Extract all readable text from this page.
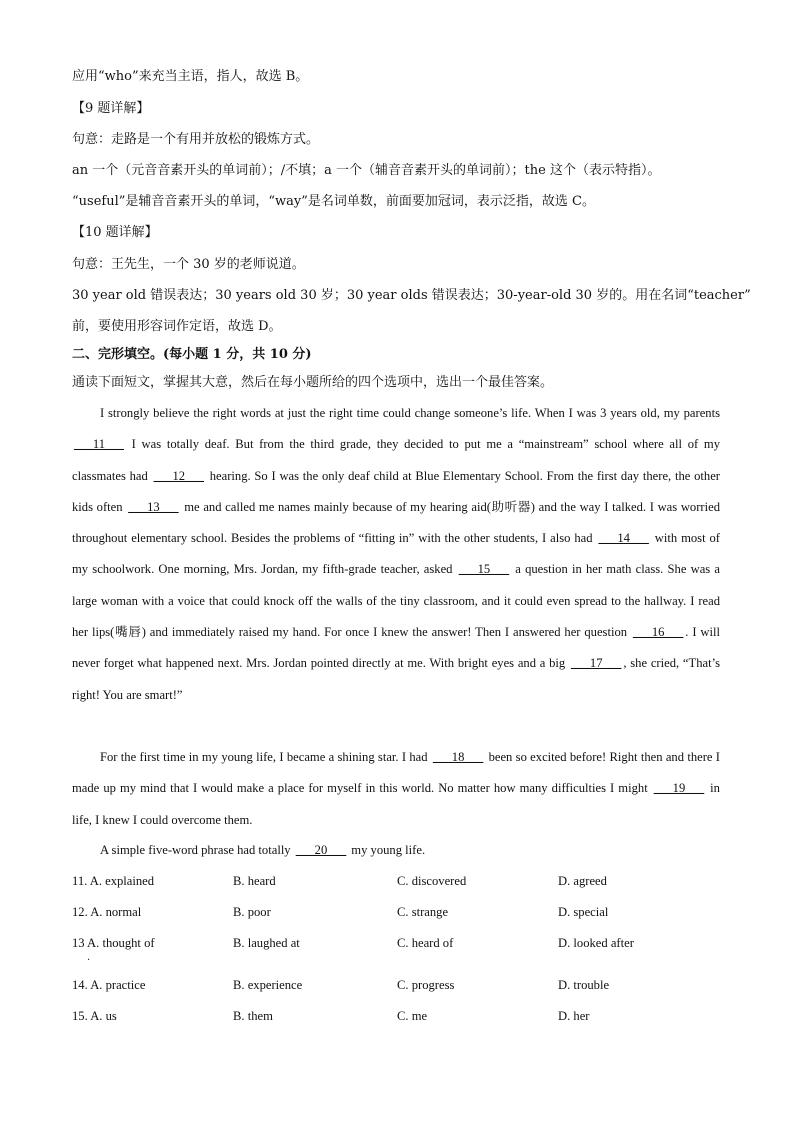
应用“who”来充当主语，指人，故选 B。
【9 题详解】
句意：走路是一个有用并放松的锻炼方式。
an 一个（元音音素开头的单词前）；/不填；a 一个（辅音音素开头的单词前）；the 这个（表示特指）。
“useful”是辅音音素开头的单词，“way”是名词单数，前面要加冠词，表示泛指，故选 C。
【10 题详解】
句意：王先生，一个 30 岁的老师说道。
30 year old 错误表达；30 years old 30 岁；30 year olds 错误表达；30-year-old 30 岁的。用在名词“teacher”
前，要使用形容词作定语，故选 D。
二、完形填空。(每小题 1 分，共 10 分)
通读下面短文，掌握其大意，然后在每小题所给的四个选项中，选出一个最佳答案。
I strongly believe the right words at just the right time could change someone’s life. When I was 3 years old, my parents ___11___ I was totally deaf. But from the third grade, they decided to put me a “mainstream” school where all of my classmates had ___12___ hearing. So I was the only deaf child at Blue Elementary School. From the first day there, the other kids often ___13___ me and called me names mainly because of my hearing aid(助听器) and the way I talked. I was worried throughout elementary school. Besides the problems of “fitting in” with the other students, I also had ___14___ with most of my schoolwork. One morning, Mrs. Jordan, my fifth-grade teacher, asked ___15___ a question in her math class. She was a large woman with a voice that could knock off the walls of the tiny classroom, and it could even spread to the hallway. I read her lips(嘴唇) and immediately raised my hand. For once I knew the answer! Then I answered her question ___16___ . I will never forget what happened next. Mrs. Jordan pointed directly at me. With bright eyes and a big ___17___ , she cried, “That’s right! You are smart!”
For the first time in my young life, I became a shining star. I had ___18___ been so excited before! Right then and there I made up my mind that I would make a place for myself in this world. No matter how many difficulties I might ___19___ in life, I knew I could overcome them.
A simple five-word phrase had totally ___20___ my young life.
11. A. explained	B. heard	C. discovered	D. agreed
12. A. normal	B. poor	C. strange	D. special
13 A. thought of	B. laughed at	C. heard of	D. looked after
14. A. practice	B. experience	C. progress	D. trouble
15. A. us	B. them	C. me	D. her
.
